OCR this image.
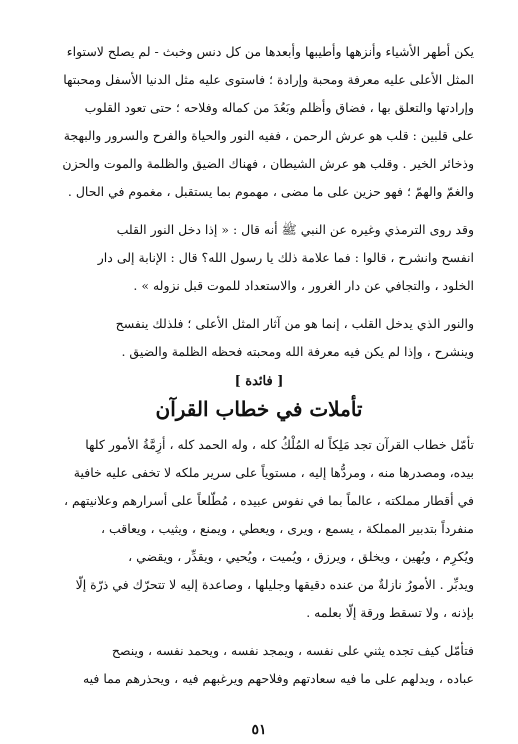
يكن أطهر الأشياء وأنزهها وأطيبها وأبعدها من كل دنس وخبث - لم يصلح لاستواء

المثل الأعلى عليه معرفة ومحبة وإرادة ؛ فاستوى عليه مثل الدنيا الأسفل ومحبتها

وإرادتها والتعلق بها ، فضاق وأظلم وبَعُدَ من كماله وفلاحه ؛ حتى تعود القلوب

على قلبين : قلب هو عرش الرحمن ، ففيه النور والحياة والفرح والسرور والبهجة

وذخائر الخير . وقلب هو عرش الشيطان ، فهناك الضيق والظلمة والموت والحزن

والغمّ والهمّ ؛ فهو حزين على ما مضى ، مهموم بما يستقبل ، مغموم في الحال .

وقد روى الترمذي وغيره عن النبي ﷺ أنه قال : « إذا دخل النور القلب

انفسح وانشرح ، قالوا : فما علامة ذلك يا رسول الله؟ قال : الإنابة إلى دار

الخلود ، والتجافي عن دار الغرور ، والاستعداد للموت قبل نزوله » .

والنور الذي يدخل القلب ، إنما هو من آثار المثل الأعلى ؛ فلذلك ينفسح

وينشرح ، وإذا لم يكن فيه معرفة الله ومحبته فحظه الظلمة والضيق .

[ فائدة ]
تأملات في خطاب القرآن

تأمّل خطاب القرآن تجد مَلِكاً له المُلْكُ كله ، وله الحمد كله ، أزِمَّةُ الأمور كلها

بيده، ومصدرها منه ، ومردُّها إليه ، مستوياً على سرير ملكه لا تخفى عليه خافية

في أقطار مملكته ، عالماً بما في نفوس عبيده ، مُطّلعاً على أسرارهم وعلانيتهم ،

منفرداً بتدبير المملكة ، يسمع ، ويرى ، ويعطي ، ويمنع ، ويثيب ، ويعاقب ،

ويُكرِم ، ويُهين ، ويخلق ، ويرزق ، ويُميت ، ويُحيي ، ويقدِّر ، ويقضي ،

ويدبِّر . الأمورُ نازلةٌ من عنده دقيقها وجليلها ، وصاعدة إليه لا تتحرّك في ذرّة إلّا

بإذنه ، ولا تسقط ورقة إلّا بعلمه .

فتأمّل كيف تجده يثني على نفسه ، ويمجد نفسه ، ويحمد نفسه ، وينصح

عباده ، ويدلهم على ما فيه سعادتهم وفلاحهم ويرغبهم فيه ، ويحذرهم مما فيه

٥١
